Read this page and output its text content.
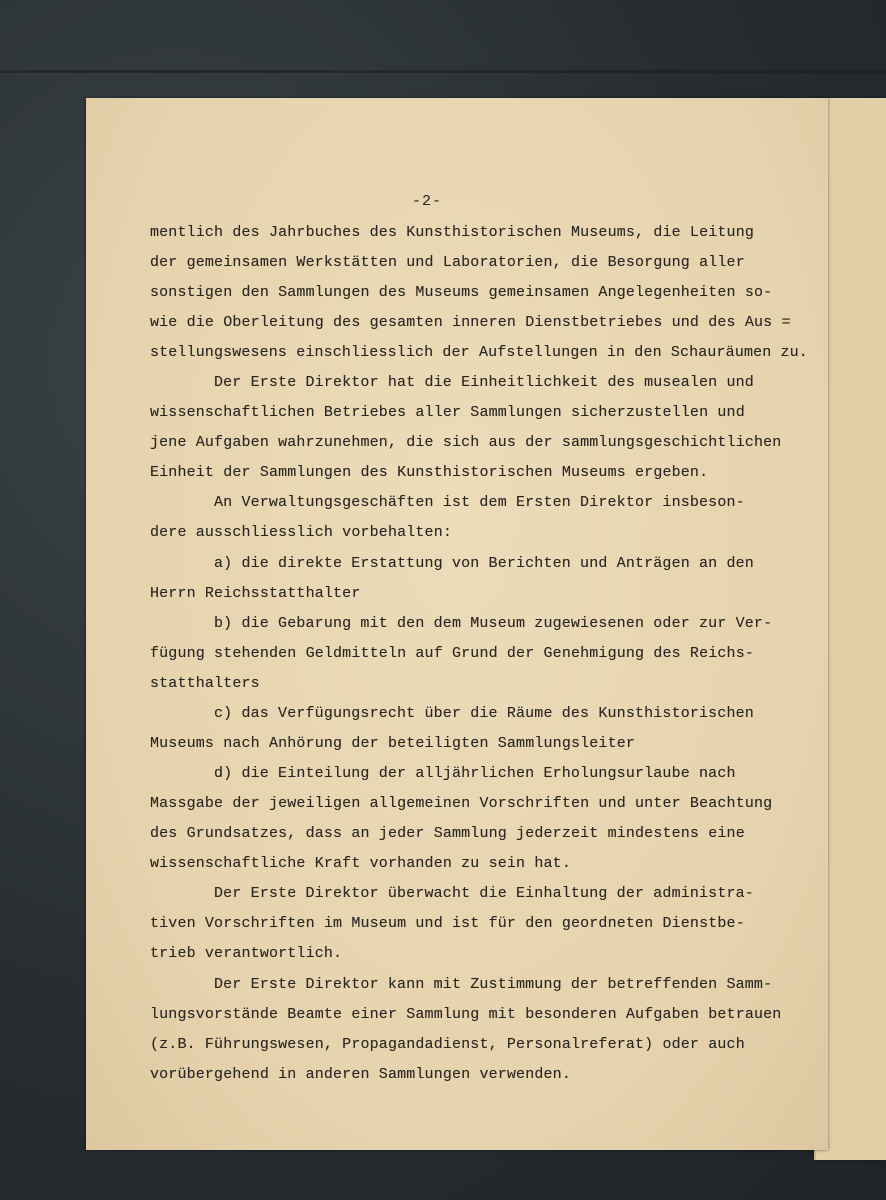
-2-
mentlich des Jahrbuches des Kunsthistorischen Museums, die Leitung
der gemeinsamen Werkstätten und Laboratorien, die Besorgung aller
sonstigen den Sammlungen des Museums gemeinsamen Angelegenheiten so-
wie die Oberleitung des gesamten inneren Dienstbetriebes und des Aus =
stellungswesens einschliesslich der Aufstellungen in den Schauräumen zu.
Der Erste Direktor hat die Einheitlichkeit des musealen und
wissenschaftlichen Betriebes aller Sammlungen sicherzustellen und
jene Aufgaben wahrzunehmen, die sich aus der sammlungsgeschichtlichen
Einheit der Sammlungen des Kunsthistorischen Museums ergeben.
An Verwaltungsgeschäften ist dem Ersten Direktor insbeson-
dere ausschliesslich vorbehalten:
a) die direkte Erstattung von Berichten und Anträgen an den
Herrn Reichsstatthalter
b) die Gebarung mit den dem Museum zugewiesenen oder zur Ver-
fügung stehenden Geldmitteln auf Grund der Genehmigung des Reichs-
statthalters
c) das Verfügungsrecht über die Räume des Kunsthistorischen
Museums nach Anhörung der beteiligten Sammlungsleiter
d) die Einteilung der alljährlichen Erholungsurlaube nach
Massgabe der jeweiligen allgemeinen Vorschriften und unter Beachtung
des Grundsatzes, dass an jeder Sammlung jederzeit mindestens eine
wissenschaftliche Kraft vorhanden zu sein hat.
Der Erste Direktor überwacht die Einhaltung der administra-
tiven Vorschriften im Museum und ist für den geordneten Dienstbe-
trieb verantwortlich.
Der Erste Direktor kann mit Zustimmung der betreffenden Samm-
lungsvorstände Beamte einer Sammlung mit besonderen Aufgaben betrauen
(z.B. Führungswesen, Propagandadienst, Personalreferat) oder auch
vorübergehend in anderen Sammlungen verwenden.
